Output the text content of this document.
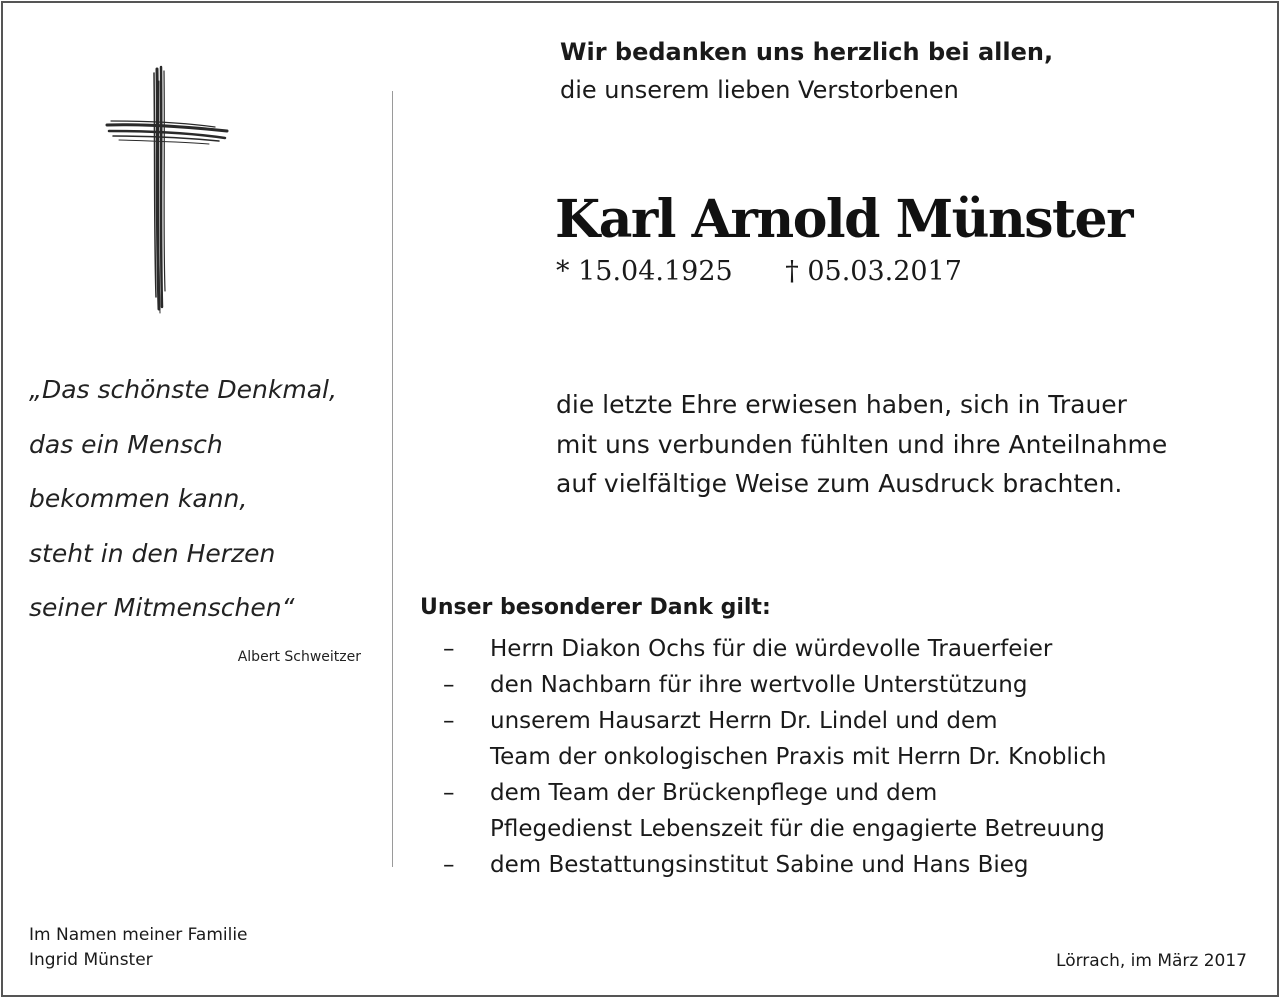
„Das schönste Denkmal,
das ein Mensch
bekommen kann,
steht in den Herzen
seiner Mitmenschen“
Albert Schweitzer
Wir bedanken uns herzlich bei allen,
die unserem lieben Verstorbenen
Karl Arnold Münster
* 15.04.1925 † 05.03.2017
die letzte Ehre erwiesen haben, sich in Trauer
mit uns verbunden fühlten und ihre Anteilnahme
auf vielfältige Weise zum Ausdruck brachten.
Unser besonderer Dank gilt:
– Herrn Diakon Ochs für die würdevolle Trauerfeier
– den Nachbarn für ihre wertvolle Unterstützung
– unserem Hausarzt Herrn Dr. Lindel und dem
Team der onkologischen Praxis mit Herrn Dr. Knoblich
– dem Team der Brückenpflege und dem
Pflegedienst Lebenszeit für die engagierte Betreuung
– dem Bestattungsinstitut Sabine und Hans Bieg
Im Namen meiner Familie
Ingrid Münster	Lörrach, im März 2017
